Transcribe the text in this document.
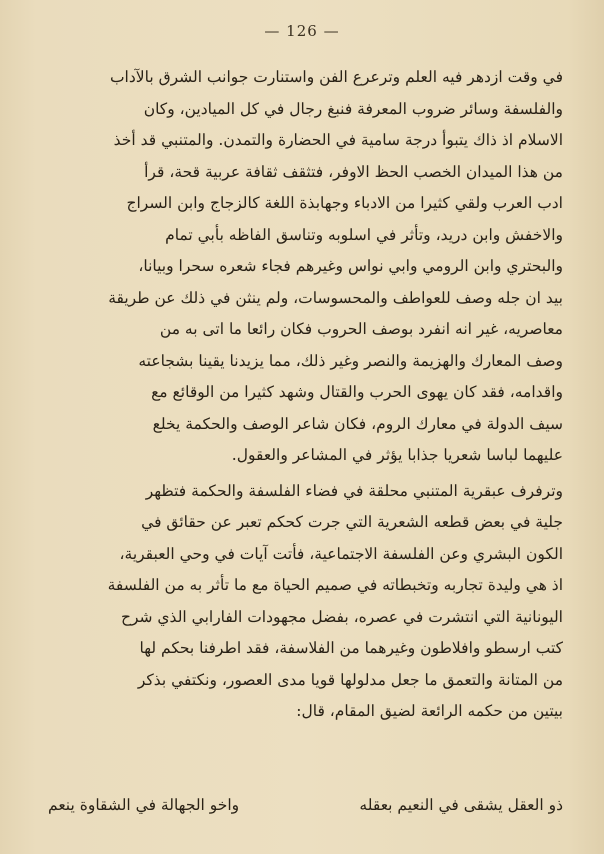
— 126 —
في وقت ازدهر فيه العلم وترعرع الفن واستنارت جوانب الشرق بالآداب
والفلسفة وسائر ضروب المعرفة فنبغ رجال في كل الميادين، وكان
الاسلام اذ ذاك يتبوأ درجة سامية في الحضارة والتمدن. والمتنبي قد أخذ
من هذا الميدان الخصب الحظ الاوفر، فتثقف ثقافة عربية قحة، قرأ
ادب العرب ولقي كثيرا من الادباء وجهابذة اللغة كالزجاج وابن السراج
والاخفش وابن دريد، وتأثر في اسلوبه وتناسق الفاظه بأبي تمام
والبحتري وابن الرومي وابي نواس وغيرهم فجاء شعره سحرا وبيانا،
بيد ان جله وصف للعواطف والمحسوسات، ولم ينثن في ذلك عن طريقة
معاصريه، غير انه انفرد بوصف الحروب فكان رائعا ما اتى به من
وصف المعارك والهزيمة والنصر وغير ذلك، مما يزيدنا يقينا بشجاعته
واقدامه، فقد كان يهوى الحرب والقتال وشهد كثيرا من الوقائع مع
سيف الدولة في معارك الروم، فكان شاعر الوصف والحكمة يخلع
عليهما لباسا شعريا جذابا يؤثر في المشاعر والعقول.
وترفرف عبقرية المتنبي محلقة في فضاء الفلسفة والحكمة فتظهر
جلية في بعض قطعه الشعرية التي جرت كحكم تعبر عن حقائق في
الكون البشري وعن الفلسفة الاجتماعية، فأتت آيات في وحي العبقرية،
اذ هي وليدة تجاربه وتخبطاته في صميم الحياة مع ما تأثر به من الفلسفة
اليونانية التي انتشرت في عصره، بفضل مجهودات الفارابي الذي شرح
كتب ارسطو وافلاطون وغيرهما من الفلاسفة، فقد اطرفنا بحكم لها
من المتانة والتعمق ما جعل مدلولها قويا مدى العصور، ونكتفي بذكر
بيتين من حكمه الرائعة لضيق المقام، قال:
ذو العقل يشقى في النعيم بعقله
واخو الجهالة في الشقاوة ينعم
